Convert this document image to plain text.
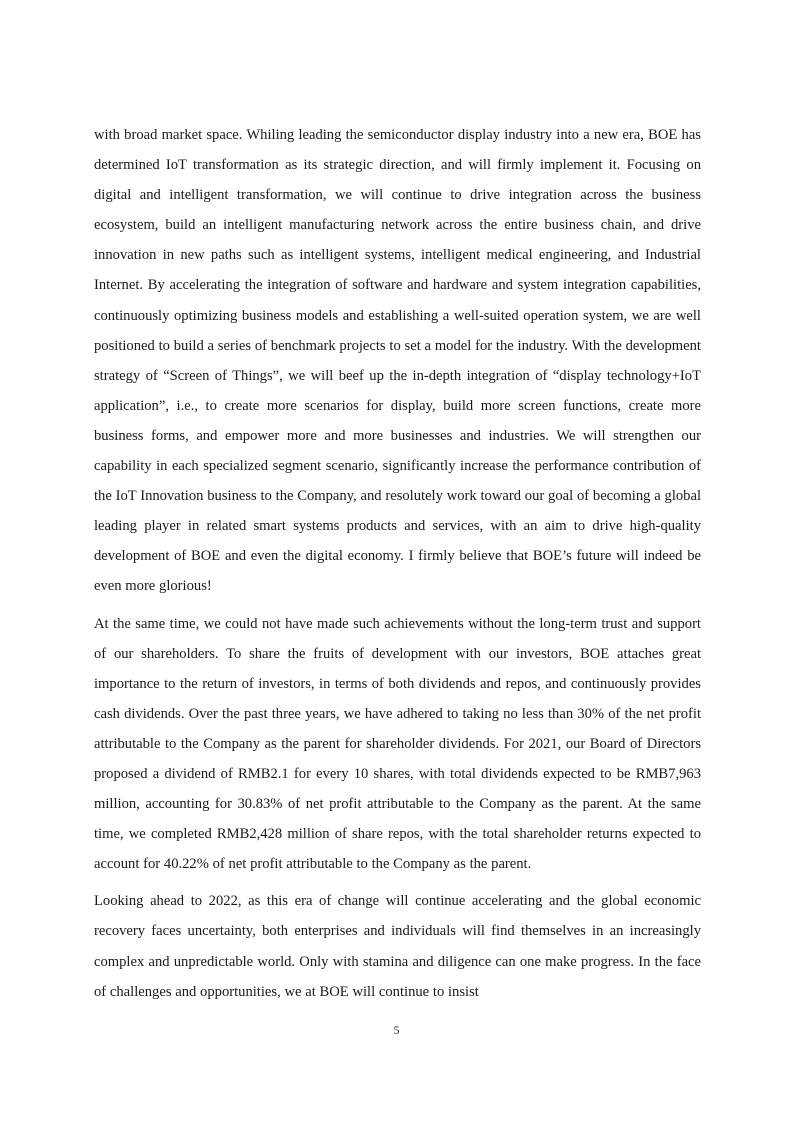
with broad market space. Whiling leading the semiconductor display industry into a new era, BOE has determined IoT transformation as its strategic direction, and will firmly implement it. Focusing on digital and intelligent transformation, we will continue to drive integration across the business ecosystem, build an intelligent manufacturing network across the entire business chain, and drive innovation in new paths such as intelligent systems, intelligent medical engineering, and Industrial Internet. By accelerating the integration of software and hardware and system integration capabilities, continuously optimizing business models and establishing a well-suited operation system, we are well positioned to build a series of benchmark projects to set a model for the industry. With the development strategy of “Screen of Things”, we will beef up the in-depth integration of “display technology+IoT application”, i.e., to create more scenarios for display, build more screen functions, create more business forms, and empower more and more businesses and industries. We will strengthen our capability in each specialized segment scenario, significantly increase the performance contribution of the IoT Innovation business to the Company, and resolutely work toward our goal of becoming a global leading player in related smart systems products and services, with an aim to drive high-quality development of BOE and even the digital economy. I firmly believe that BOE’s future will indeed be even more glorious!

At the same time, we could not have made such achievements without the long-term trust and support of our shareholders. To share the fruits of development with our investors, BOE attaches great importance to the return of investors, in terms of both dividends and repos, and continuously provides cash dividends. Over the past three years, we have adhered to taking no less than 30% of the net profit attributable to the Company as the parent for shareholder dividends. For 2021, our Board of Directors proposed a dividend of RMB2.1 for every 10 shares, with total dividends expected to be RMB7,963 million, accounting for 30.83% of net profit attributable to the Company as the parent. At the same time, we completed RMB2,428 million of share repos, with the total shareholder returns expected to account for 40.22% of net profit attributable to the Company as the parent.

Looking ahead to 2022, as this era of change will continue accelerating and the global economic recovery faces uncertainty, both enterprises and individuals will find themselves in an increasingly complex and unpredictable world. Only with stamina and diligence can one make progress. In the face of challenges and opportunities, we at BOE will continue to insist

5
